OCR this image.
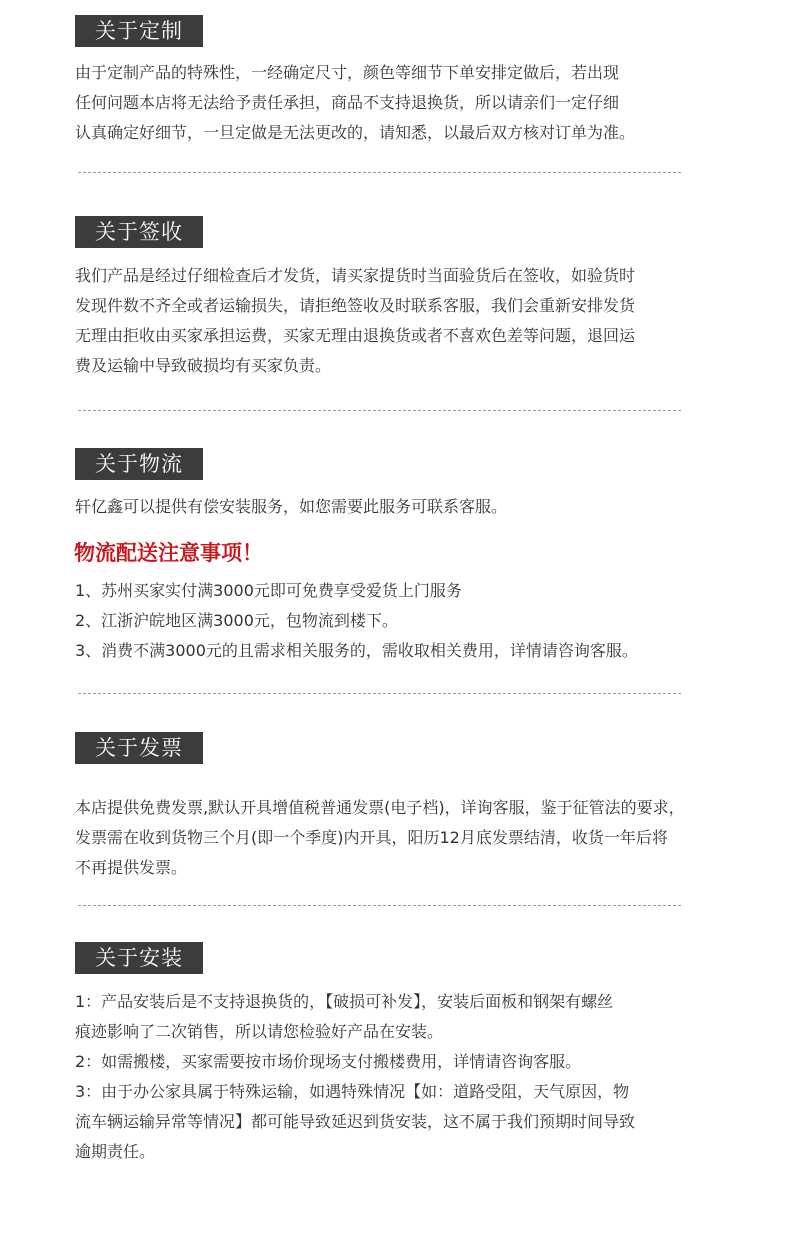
关于定制
由于定制产品的特殊性，一经确定尺寸，颜色等细节下单安排定做后，若出现
任何问题本店将无法给予责任承担，商品不支持退换货，所以请亲们一定仔细
认真确定好细节，一旦定做是无法更改的，请知悉，以最后双方核对订单为准。
关于签收
我们产品是经过仔细检查后才发货，请买家提货时当面验货后在签收，如验货时
发现件数不齐全或者运输损失，请拒绝签收及时联系客服，我们会重新安排发货
无理由拒收由买家承担运费，买家无理由退换货或者不喜欢色差等问题，退回运
费及运输中导致破损均有买家负责。
关于物流
轩亿鑫可以提供有偿安装服务，如您需要此服务可联系客服。
物流配送注意事项！
1、苏州买家实付满3000元即可免费享受爱货上门服务
2、江浙沪皖地区满3000元，包物流到楼下。
3、消费不满3000元的且需求相关服务的，需收取相关费用，详情请咨询客服。
关于发票
本店提供免费发票,默认开具增值税普通发票(电子档)，详询客服，鉴于征管法的要求，
发票需在收到货物三个月(即一个季度)内开具，阳历12月底发票结清，收货一年后将
不再提供发票。
关于安装
1：产品安装后是不支持退换货的，【破损可补发】，安装后面板和钢架有螺丝
痕迹影响了二次销售，所以请您检验好产品在安装。
2：如需搬楼，买家需要按市场价现场支付搬楼费用，详情请咨询客服。
3：由于办公家具属于特殊运输，如遇特殊情况【如：道路受阻，天气原因，物
流车辆运输异常等情况】都可能导致延迟到货安装，这不属于我们预期时间导致
逾期责任。
